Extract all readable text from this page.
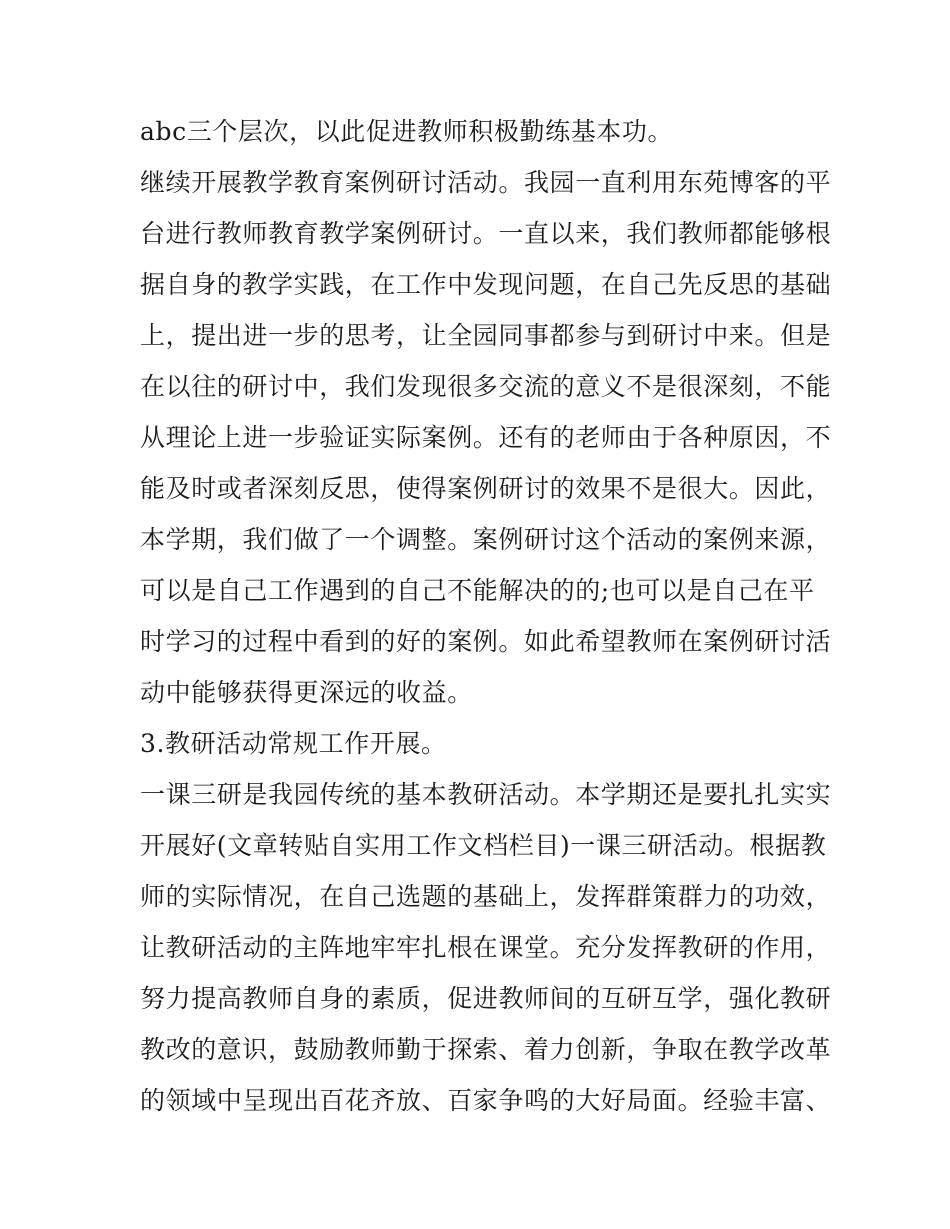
abc三个层次，以此促进教师积极勤练基本功。
继续开展教学教育案例研讨活动。我园一直利用东苑博客的平
台进行教师教育教学案例研讨。一直以来，我们教师都能够根
据自身的教学实践，在工作中发现问题，在自己先反思的基础
上，提出进一步的思考，让全园同事都参与到研讨中来。但是
在以往的研讨中，我们发现很多交流的意义不是很深刻，不能
从理论上进一步验证实际案例。还有的老师由于各种原因，不
能及时或者深刻反思，使得案例研讨的效果不是很大。因此，
本学期，我们做了一个调整。案例研讨这个活动的案例来源，
可以是自己工作遇到的自己不能解决的的;也可以是自己在平
时学习的过程中看到的好的案例。如此希望教师在案例研讨活
动中能够获得更深远的收益。
3.教研活动常规工作开展。
一课三研是我园传统的基本教研活动。本学期还是要扎扎实实
开展好(文章转贴自实用工作文档栏目)一课三研活动。根据教
师的实际情况，在自己选题的基础上，发挥群策群力的功效，
让教研活动的主阵地牢牢扎根在课堂。充分发挥教研的作用，
努力提高教师自身的素质，促进教师间的互研互学，强化教研
教改的意识，鼓励教师勤于探索、着力创新，争取在教学改革
的领域中呈现出百花齐放、百家争鸣的大好局面。经验丰富、
